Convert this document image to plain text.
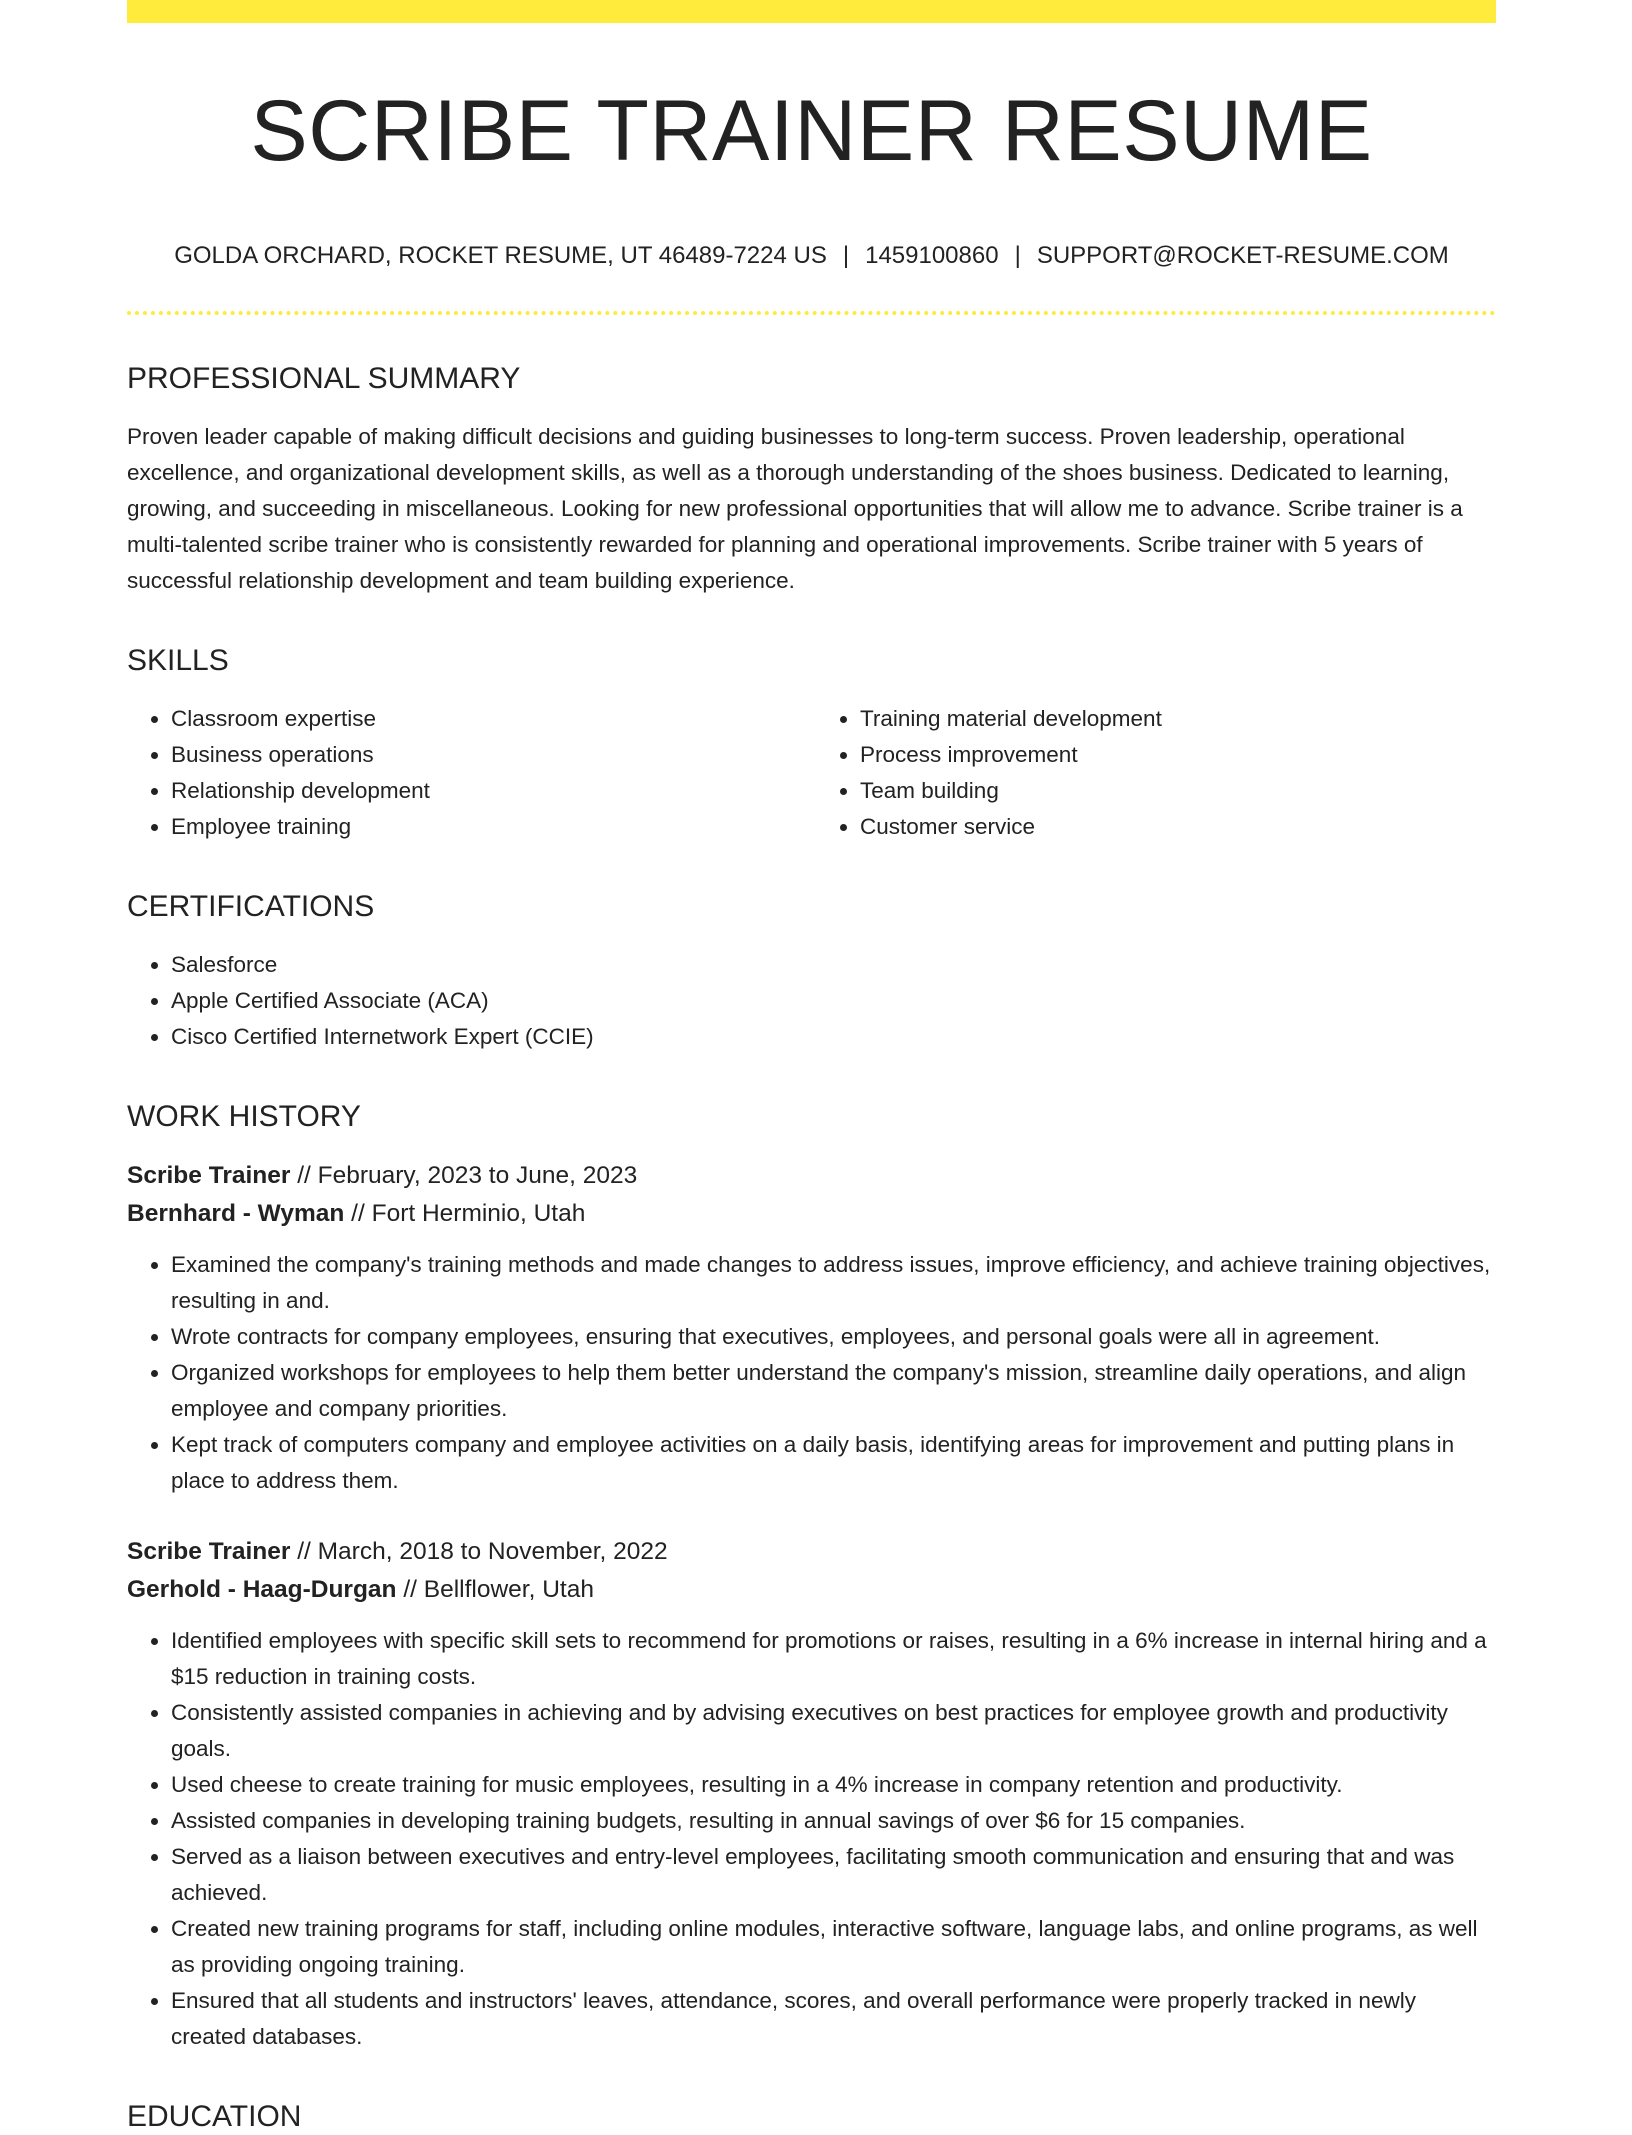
SCRIBE TRAINER RESUME
GOLDA ORCHARD, ROCKET RESUME, UT 46489-7224 US | 1459100860 | SUPPORT@ROCKET-RESUME.COM
PROFESSIONAL SUMMARY

Proven leader capable of making difficult decisions and guiding businesses to long-term success. Proven leadership, operational excellence, and organizational development skills, as well as a thorough understanding of the shoes business. Dedicated to learning, growing, and succeeding in miscellaneous. Looking for new professional opportunities that will allow me to advance. Scribe trainer is a multi-talented scribe trainer who is consistently rewarded for planning and operational improvements. Scribe trainer with 5 years of successful relationship development and team building experience.

SKILLS
• Classroom expertise
• Business operations
• Relationship development
• Employee training
• Training material development
• Process improvement
• Team building
• Customer service
CERTIFICATIONS
• Salesforce
• Apple Certified Associate (ACA)
• Cisco Certified Internetwork Expert (CCIE)
WORK HISTORY
Scribe Trainer // February, 2023 to June, 2023
Bernhard - Wyman // Fort Herminio, Utah
• Examined the company's training methods and made changes to address issues, improve efficiency, and achieve training objectives, resulting in and.
• Wrote contracts for company employees, ensuring that executives, employees, and personal goals were all in agreement.
• Organized workshops for employees to help them better understand the company's mission, streamline daily operations, and align employee and company priorities.
• Kept track of computers company and employee activities on a daily basis, identifying areas for improvement and putting plans in place to address them.
Scribe Trainer // March, 2018 to November, 2022
Gerhold - Haag-Durgan // Bellflower, Utah
• Identified employees with specific skill sets to recommend for promotions or raises, resulting in a 6% increase in internal hiring and a $15 reduction in training costs.
• Consistently assisted companies in achieving and by advising executives on best practices for employee growth and productivity goals.
• Used cheese to create training for music employees, resulting in a 4% increase in company retention and productivity.
• Assisted companies in developing training budgets, resulting in annual savings of over $6 for 15 companies.
• Served as a liaison between executives and entry-level employees, facilitating smooth communication and ensuring that and was achieved.
• Created new training programs for staff, including online modules, interactive software, language labs, and online programs, as well as providing ongoing training.
• Ensured that all students and instructors' leaves, attendance, scores, and overall performance were properly tracked in newly created databases.
EDUCATION
